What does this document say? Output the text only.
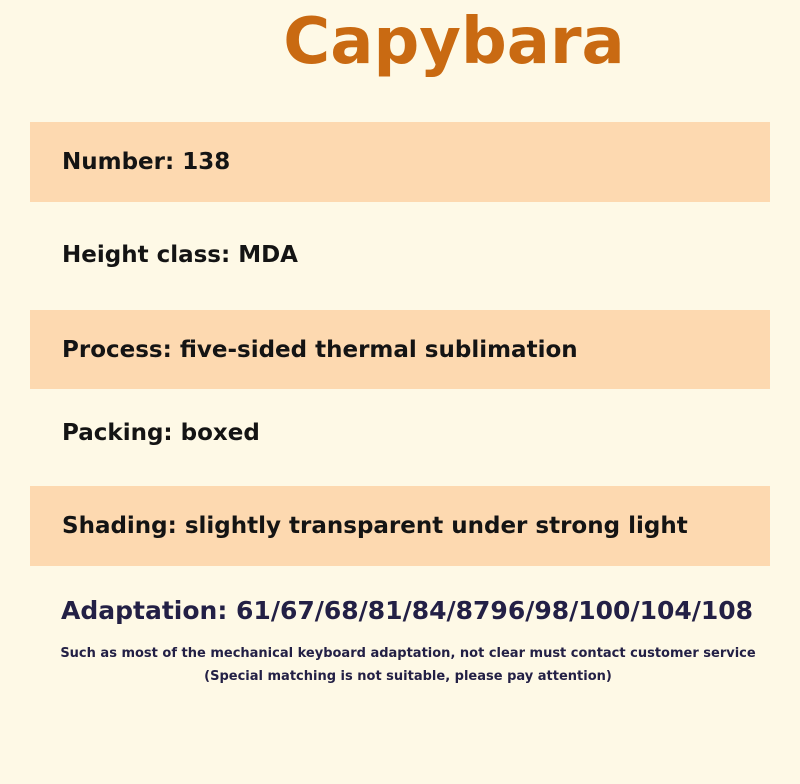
Capybara
Number: 138
Height class: MDA
Process: five-sided thermal sublimation
Packing: boxed
Shading: slightly transparent under strong light
Adaptation: 61/67/68/81/84/8796/98/100/104/108
Such as most of the mechanical keyboard adaptation, not clear must contact customer service
(Special matching is not suitable, please pay attention)
